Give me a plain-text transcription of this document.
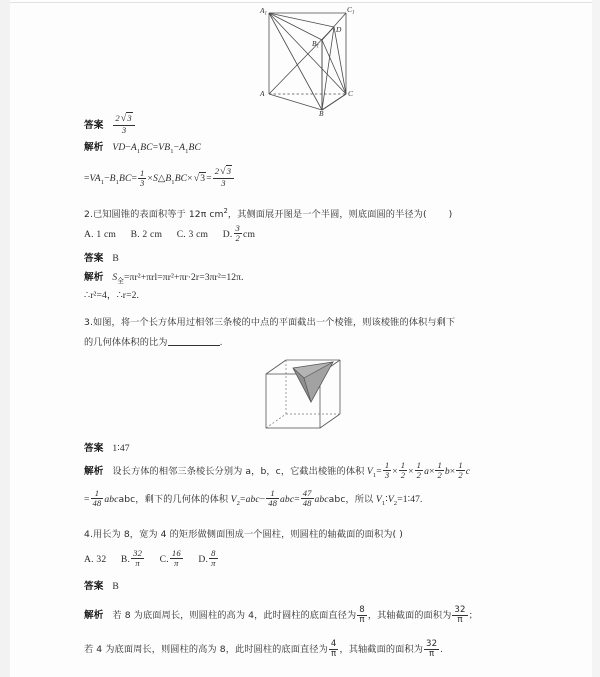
$A_1$
$C_1$
$B_1$
D
A	C
B
答案 $\frac{2√3}{3}$
解析 $VD-A_1BC=VB_1-A_1BC$
$=VA_1-B_1BC= \frac{1}{3}$ $\times S\triangle B_1BC\times√3= \frac{2√3}{3}$
2.已知圆锥的表面积等于 12π $cm^2$，其侧面展开图是一个半圆，则底面圆的半径为( )
A. 1 cm B. 2 cm C. 3 cm D. $\frac{3}{2}$ cm
答案 B
解析 $S_全=\pi r^2+\pi rl=\pi r^2+\pi r\cdot 2r=3\pi r^2=12\pi$.
∴r²=4，∴r=2.
3.如图，将一个长方体用过相邻三条棱的中点的平面截出一个棱锥，则该棱锥的体积与剩下
的几何体体积的比为	.
答案 1∶47
解析 设长方体的相邻三条棱长分别为 a，b，c，它截出棱锥的体积 $V_1= \frac{1}{3} \times \frac{1}{2} \times \frac{1}{2} a\times \frac{1}{2} b\times \frac{1}{2}$ c
= $\frac{1}{48}$ abcabc，剩下的几何体的体积 $V_2=abc- \frac{1}{48} abc= \frac{47}{48}$ abcabc，所以 $V_1∶V_2=1∶47$.
4.用长为 8，宽为 4 的矩形做侧面围成一个圆柱，则圆柱的轴截面的面积为( )
A. 32 B. $\frac{32}{\pi} C$. $\frac{16}{\pi} D$. $\frac{8}{\pi}$
答案 B
解析 若 8 为底面周长，则圆柱的高为 4，此时圆柱的底面直径为 $\frac{8}{\pi}$ ，其轴截面的面积为 $\frac{32}{\pi}$ ；
若 4 为底面周长，则圆柱的高为 8，此时圆柱的底面直径为 $\frac{4}{\pi}$ ，其轴截面的面积为 $\frac{32}{\pi}$ .
